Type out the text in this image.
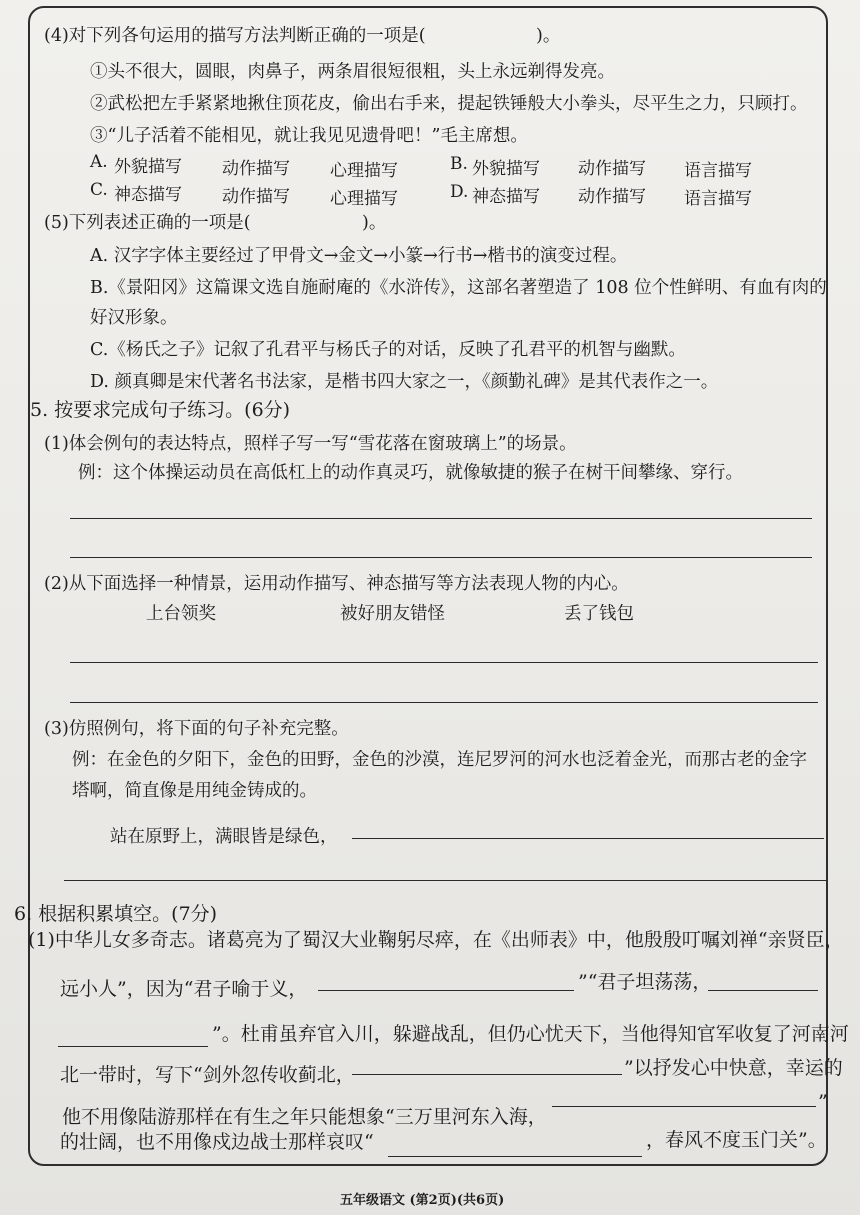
(4)对下列各句运用的描写方法判断正确的一项是(	)。
①头不很大，圆眼，肉鼻子，两条眉很短很粗，头上永远剃得发亮。
②武松把左手紧紧地揪住顶花皮，偷出右手来，提起铁锤般大小拳头，尽平生之力，只顾打。
③“儿子活着不能相见，就让我见见遗骨吧！”毛主席想。
A. 外貌描写 动作描写 心理描写	B. 外貌描写 动作描写 语言描写
C. 神态描写 动作描写 心理描写	D. 神态描写 动作描写 语言描写
(5)下列表述正确的一项是(	)。
A. 汉字字体主要经过了甲骨文→金文→小篆→行书→楷书的演变过程。
B.《景阳冈》这篇课文选自施耐庵的《水浒传》，这部名著塑造了 108 位个性鲜明、有血有肉的
好汉形象。
C.《杨氏之子》记叙了孔君平与杨氏子的对话，反映了孔君平的机智与幽默。
D. 颜真卿是宋代著名书法家，是楷书四大家之一，《颜勤礼碑》是其代表作之一。
5. 按要求完成句子练习。(6分)
(1)体会例句的表达特点，照样子写一写“雪花落在窗玻璃上”的场景。
例：这个体操运动员在高低杠上的动作真灵巧，就像敏捷的猴子在树干间攀缘、穿行。
(2)从下面选择一种情景，运用动作描写、神态描写等方法表现人物的内心。
上台领奖	被好朋友错怪	丢了钱包
(3)仿照例句，将下面的句子补充完整。
例：在金色的夕阳下，金色的田野，金色的沙漠，连尼罗河的河水也泛着金光，而那古老的金字
塔啊，简直像是用纯金铸成的。
站在原野上，满眼皆是绿色，
6. 根据积累填空。(7分)
(1)中华儿女多奇志。诸葛亮为了蜀汉大业鞠躬尽瘁，在《出师表》中，他殷殷叮嘱刘禅“亲贤臣，
远小人”，因为“君子喻于义，	”“君子坦荡荡，
”。杜甫虽弃官入川，躲避战乱，但仍心忧天下，当他得知官军收复了河南河
北一带时，写下“剑外忽传收蓟北，	”以抒发心中快意，幸运的
他不用像陆游那样在有生之年只能想象“三万里河东入海，
”
的壮阔，也不用像戍边战士那样哀叹“	，春风不度玉门关”。
五年级语文 (第2页)(共6页)
